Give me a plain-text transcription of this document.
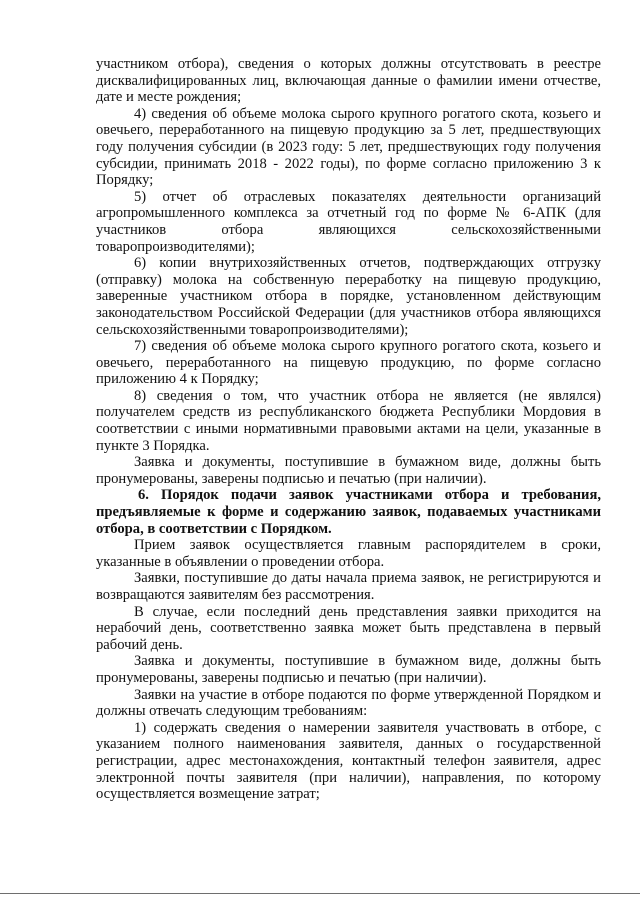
участником отбора), сведения о которых должны отсутствовать в реестре дисквалифицированных лиц, включающая данные о фамилии имени отчестве, дате и месте рождения;

4) сведения об объеме молока сырого крупного рогатого скота, козьего и овечьего, переработанного на пищевую продукцию за 5 лет, предшествующих году получения субсидии (в 2023 году: 5 лет, предшествующих году получения субсидии, принимать 2018 - 2022 годы), по форме согласно приложению 3 к Порядку;

5) отчет об отраслевых показателях деятельности организаций агропромышленного комплекса за отчетный год по форме № 6-АПК (для участников отбора являющихся сельскохозяйственными товаропроизводителями);

6) копии внутрихозяйственных отчетов, подтверждающих отгрузку (отправку) молока на собственную переработку на пищевую продукцию, заверенные участником отбора в порядке, установленном действующим законодательством Российской Федерации (для участников отбора являющихся сельскохозяйственными товаропроизводителями);

7) сведения об объеме молока сырого крупного рогатого скота, козьего и овечьего, переработанного на пищевую продукцию, по форме согласно приложению 4 к Порядку;

8) сведения о том, что участник отбора не является (не являлся) получателем средств из республиканского бюджета Республики Мордовия в соответствии с иными нормативными правовыми актами на цели, указанные в пункте 3 Порядка.

Заявка и документы, поступившие в бумажном виде, должны быть пронумерованы, заверены подписью и печатью (при наличии).

6. Порядок подачи заявок участниками отбора и требования, предъявляемые к форме и содержанию заявок, подаваемых участниками отбора, в соответствии с Порядком.

Прием заявок осуществляется главным распорядителем в сроки, указанные в объявлении о проведении отбора.

Заявки, поступившие до даты начала приема заявок, не регистрируются и возвращаются заявителям без рассмотрения.

В случае, если последний день представления заявки приходится на нерабочий день, соответственно заявка может быть представлена в первый рабочий день.

Заявка и документы, поступившие в бумажном виде, должны быть пронумерованы, заверены подписью и печатью (при наличии).

Заявки на участие в отборе подаются по форме утвержденной Порядком и должны отвечать следующим требованиям:

1) содержать сведения о намерении заявителя участвовать в отборе, с указанием полного наименования заявителя, данных о государственной регистрации, адрес местонахождения, контактный телефон заявителя, адрес электронной почты заявителя (при наличии), направления, по которому осуществляется возмещение затрат;
